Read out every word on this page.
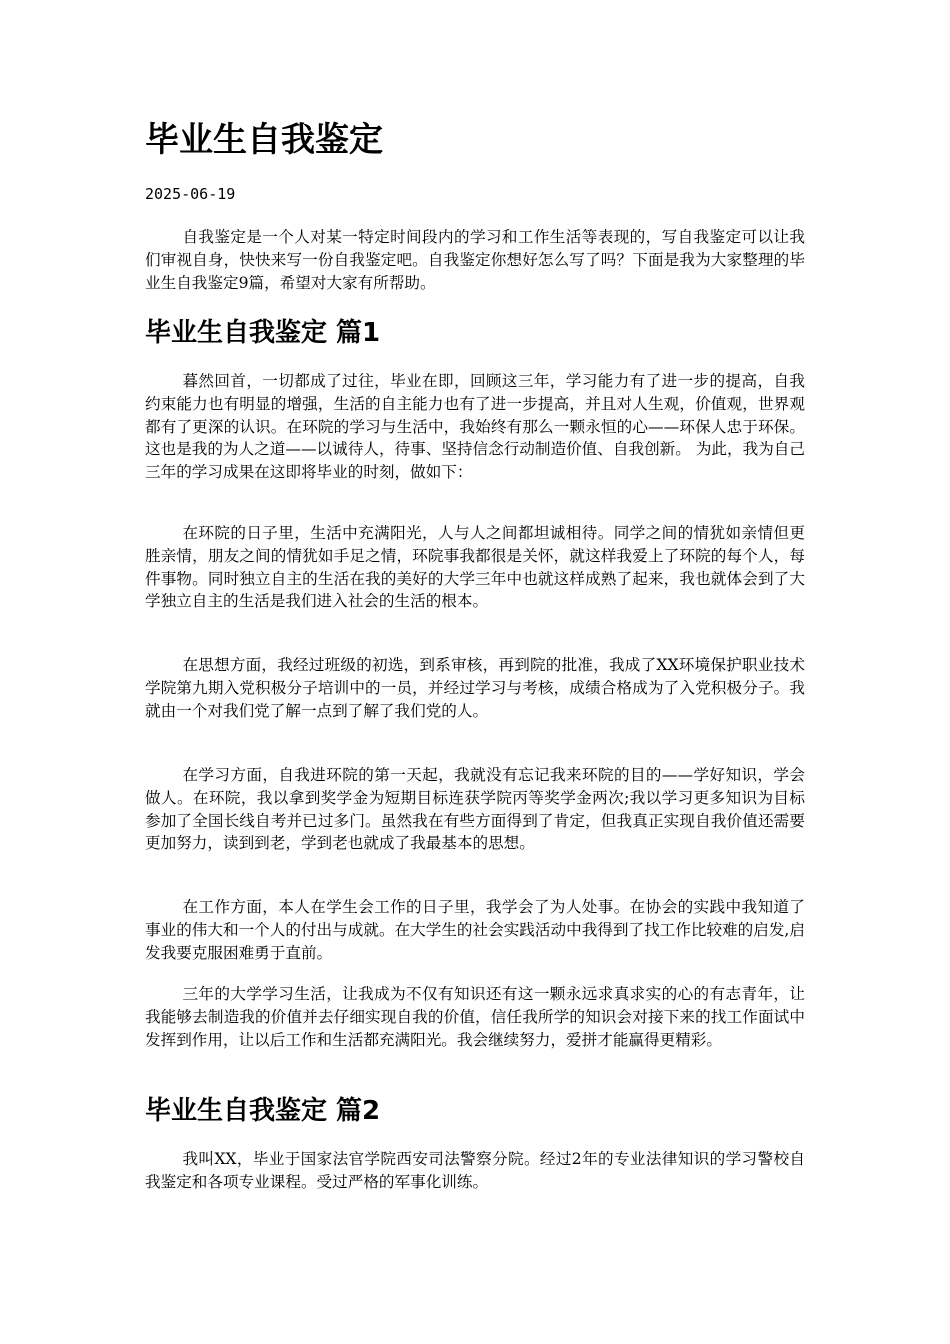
毕业生自我鉴定
2025-06-19

自我鉴定是一个人对某一特定时间段内的学习和工作生活等表现的，写自我鉴定可以让我们审视自身，快快来写一份自我鉴定吧。自我鉴定你想好怎么写了吗？下面是我为大家整理的毕业生自我鉴定9篇，希望对大家有所帮助。

毕业生自我鉴定 篇1

暮然回首，一切都成了过往，毕业在即，回顾这三年，学习能力有了进一步的提高，自我约束能力也有明显的增强，生活的自主能力也有了进一步提高，并且对人生观，价值观，世界观都有了更深的认识。在环院的学习与生活中，我始终有那么一颗永恒的心——环保人忠于环保。这也是我的为人之道——以诚待人，待事、坚持信念行动制造价值、自我创新。 为此，我为自己三年的学习成果在这即将毕业的时刻，做如下：

在环院的日子里，生活中充满阳光，人与人之间都坦诚相待。同学之间的情犹如亲情但更胜亲情，朋友之间的情犹如手足之情，环院事我都很是关怀，就这样我爱上了环院的每个人，每件事物。同时独立自主的生活在我的美好的大学三年中也就这样成熟了起来，我也就体会到了大学独立自主的生活是我们进入社会的生活的根本。

在思想方面，我经过班级的初选，到系审核，再到院的批准，我成了XX环境保护职业技术学院第九期入党积极分子培训中的一员，并经过学习与考核，成绩合格成为了入党积极分子。我就由一个对我们党了解一点到了解了我们党的人。

在学习方面，自我进环院的第一天起，我就没有忘记我来环院的目的——学好知识，学会做人。在环院，我以拿到奖学金为短期目标连获学院丙等奖学金两次;我以学习更多知识为目标参加了全国长线自考并已过多门。虽然我在有些方面得到了肯定，但我真正实现自我价值还需要更加努力，读到到老，学到老也就成了我最基本的思想。

在工作方面，本人在学生会工作的日子里，我学会了为人处事。在协会的实践中我知道了事业的伟大和一个人的付出与成就。在大学生的社会实践活动中我得到了找工作比较难的启发,启发我要克服困难勇于直前。

三年的大学学习生活，让我成为不仅有知识还有这一颗永远求真求实的心的有志青年，让我能够去制造我的价值并去仔细实现自我的价值，信任我所学的知识会对接下来的找工作面试中发挥到作用，让以后工作和生活都充满阳光。我会继续努力，爱拼才能赢得更精彩。

毕业生自我鉴定 篇2

我叫XX，毕业于国家法官学院西安司法警察分院。经过2年的专业法律知识的学习警校自我鉴定和各项专业课程。受过严格的军事化训练。
